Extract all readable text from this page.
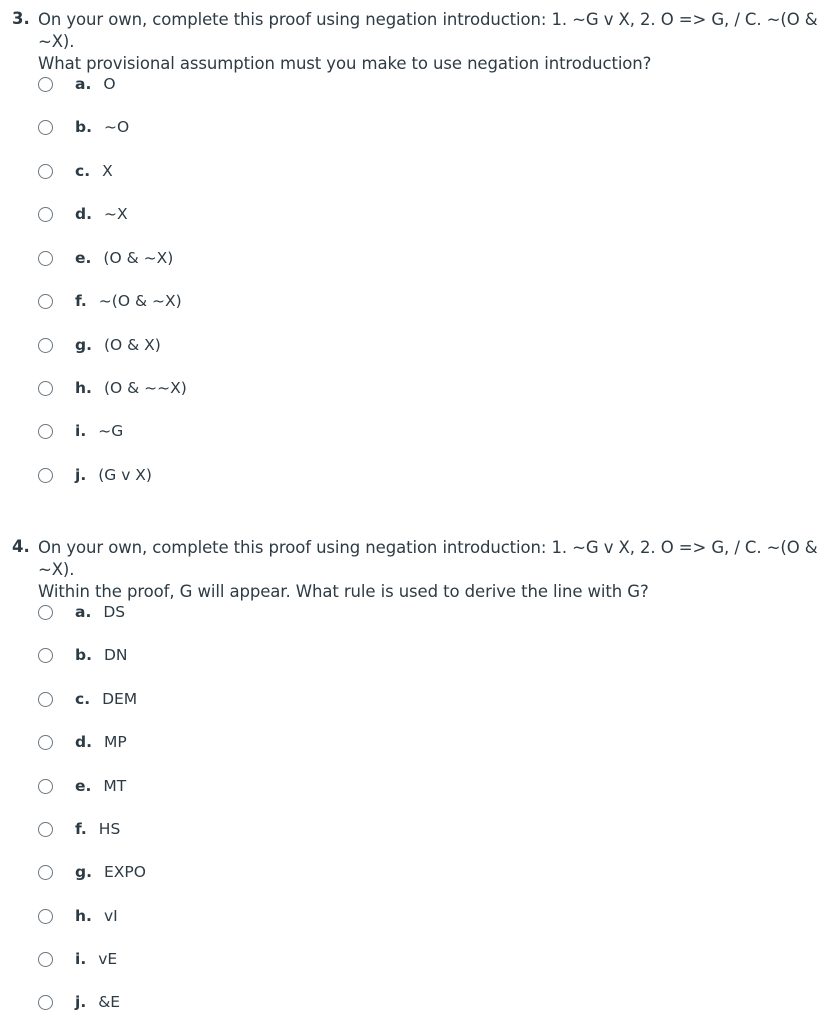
3. On your own, complete this proof using negation introduction: 1. ~G v X, 2. O => G, / C. ~(O & ~X).
What provisional assumption must you make to use negation introduction?
a. O
b. ~O
c. X
d. ~X
e. (O & ~X)
f. ~(O & ~X)
g. (O & X)
h. (O & ~~X)
i. ~G
j. (G v X)
4. On your own, complete this proof using negation introduction: 1. ~G v X, 2. O => G, / C. ~(O & ~X).
Within the proof, G will appear. What rule is used to derive the line with G?
a. DS
b. DN
c. DEM
d. MP
e. MT
f. HS
g. EXPO
h. vI
i. vE
j. &E
